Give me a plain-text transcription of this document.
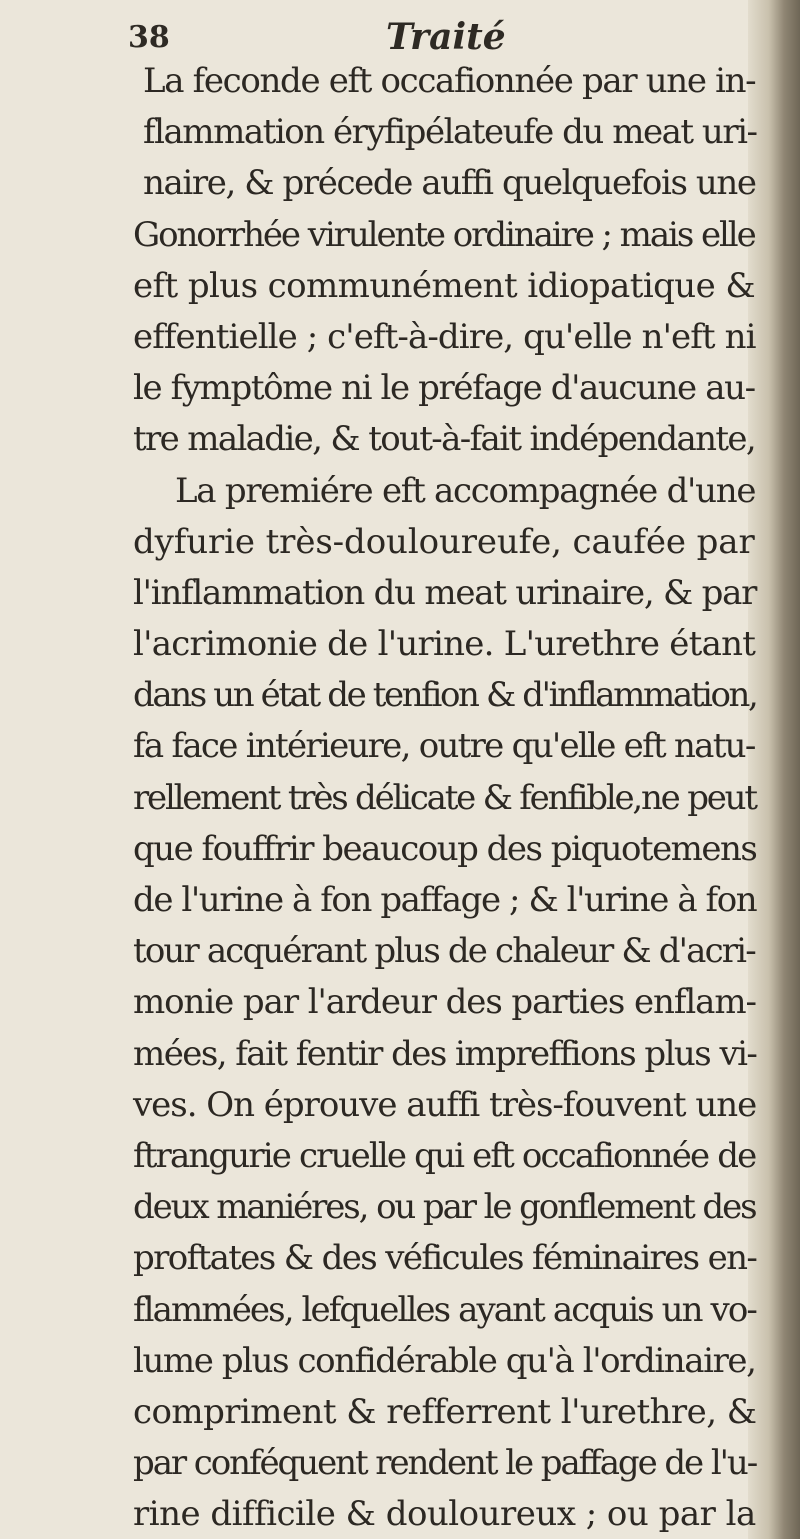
38	Traité
La feconde eft occafionnée par une in-
flammation éryfipélateufe du meat uri-
naire, & précede auffi quelquefois une
Gonorrhée virulente ordinaire ; mais elle
eft plus communément idiopatique &
effentielle ; c'eft-à-dire, qu'elle n'eft ni
le fymptôme ni le préfage d'aucune au-
tre maladie, & tout-à-fait indépendante,
La premiére eft accompagnée d'une
dyfurie très-douloureufe, caufée par
l'inflammation du meat urinaire, & par
l'acrimonie de l'urine. L'urethre étant
dans un état de tenfion & d'inflammation,
fa face intérieure, outre qu'elle eft natu-
rellement très délicate & fenfible,ne peut
que fouffrir beaucoup des piquotemens
de l'urine à fon paffage ; & l'urine à fon
tour acquérant plus de chaleur & d'acri-
monie par l'ardeur des parties enflam-
mées, fait fentir des impreffions plus vi-
ves. On éprouve auffi très-fouvent une
ftrangurie cruelle qui eft occafionnée de
deux maniéres, ou par le gonflement des
proftates & des véficules féminaires en-
flammées, lefquelles ayant acquis un vo-
lume plus confidérable qu'à l'ordinaire,
compriment & refferrent l'urethre, &
par conféquent rendent le paffage de l'u-
rine difficile & douloureux ; ou par la
